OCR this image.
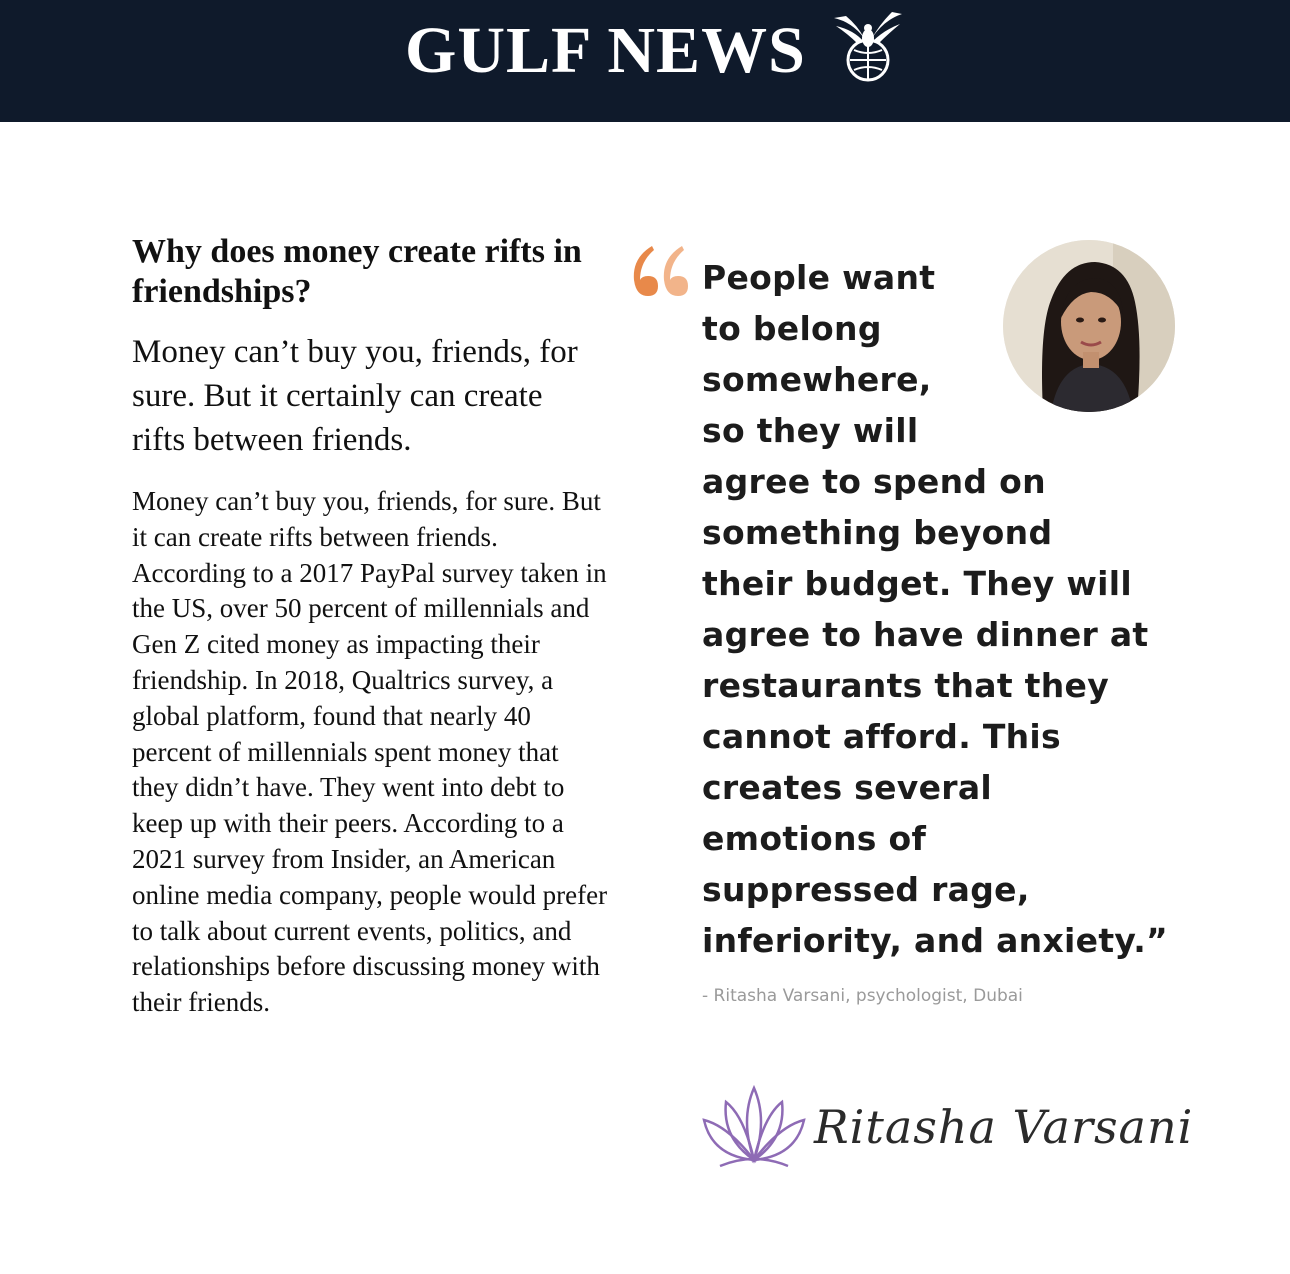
GULF NEWS
Why does money create rifts in friendships?

Money can’t buy you, friends, for sure. But it certainly can create rifts between friends.

Money can’t buy you, friends, for sure. But it can create rifts between friends. According to a 2017 PayPal survey taken in the US, over 50 percent of millennials and Gen Z cited money as impacting their friendship. In 2018, Qualtrics survey, a global platform, found that nearly 40 percent of millennials spent money that they didn’t have. They went into debt to keep up with their peers. According to a 2021 survey from Insider, an American online media company, people would prefer to talk about current events, politics, and relationships before discussing money with their friends.

People want
to belong
somewhere,
so they will
agree to spend on
something beyond
their budget. They will
agree to have dinner at
restaurants that they
cannot afford. This
creates several
emotions of
suppressed rage,
inferiority, and anxiety.”
- Ritasha Varsani, psychologist, Dubai
Ritasha Varsani
